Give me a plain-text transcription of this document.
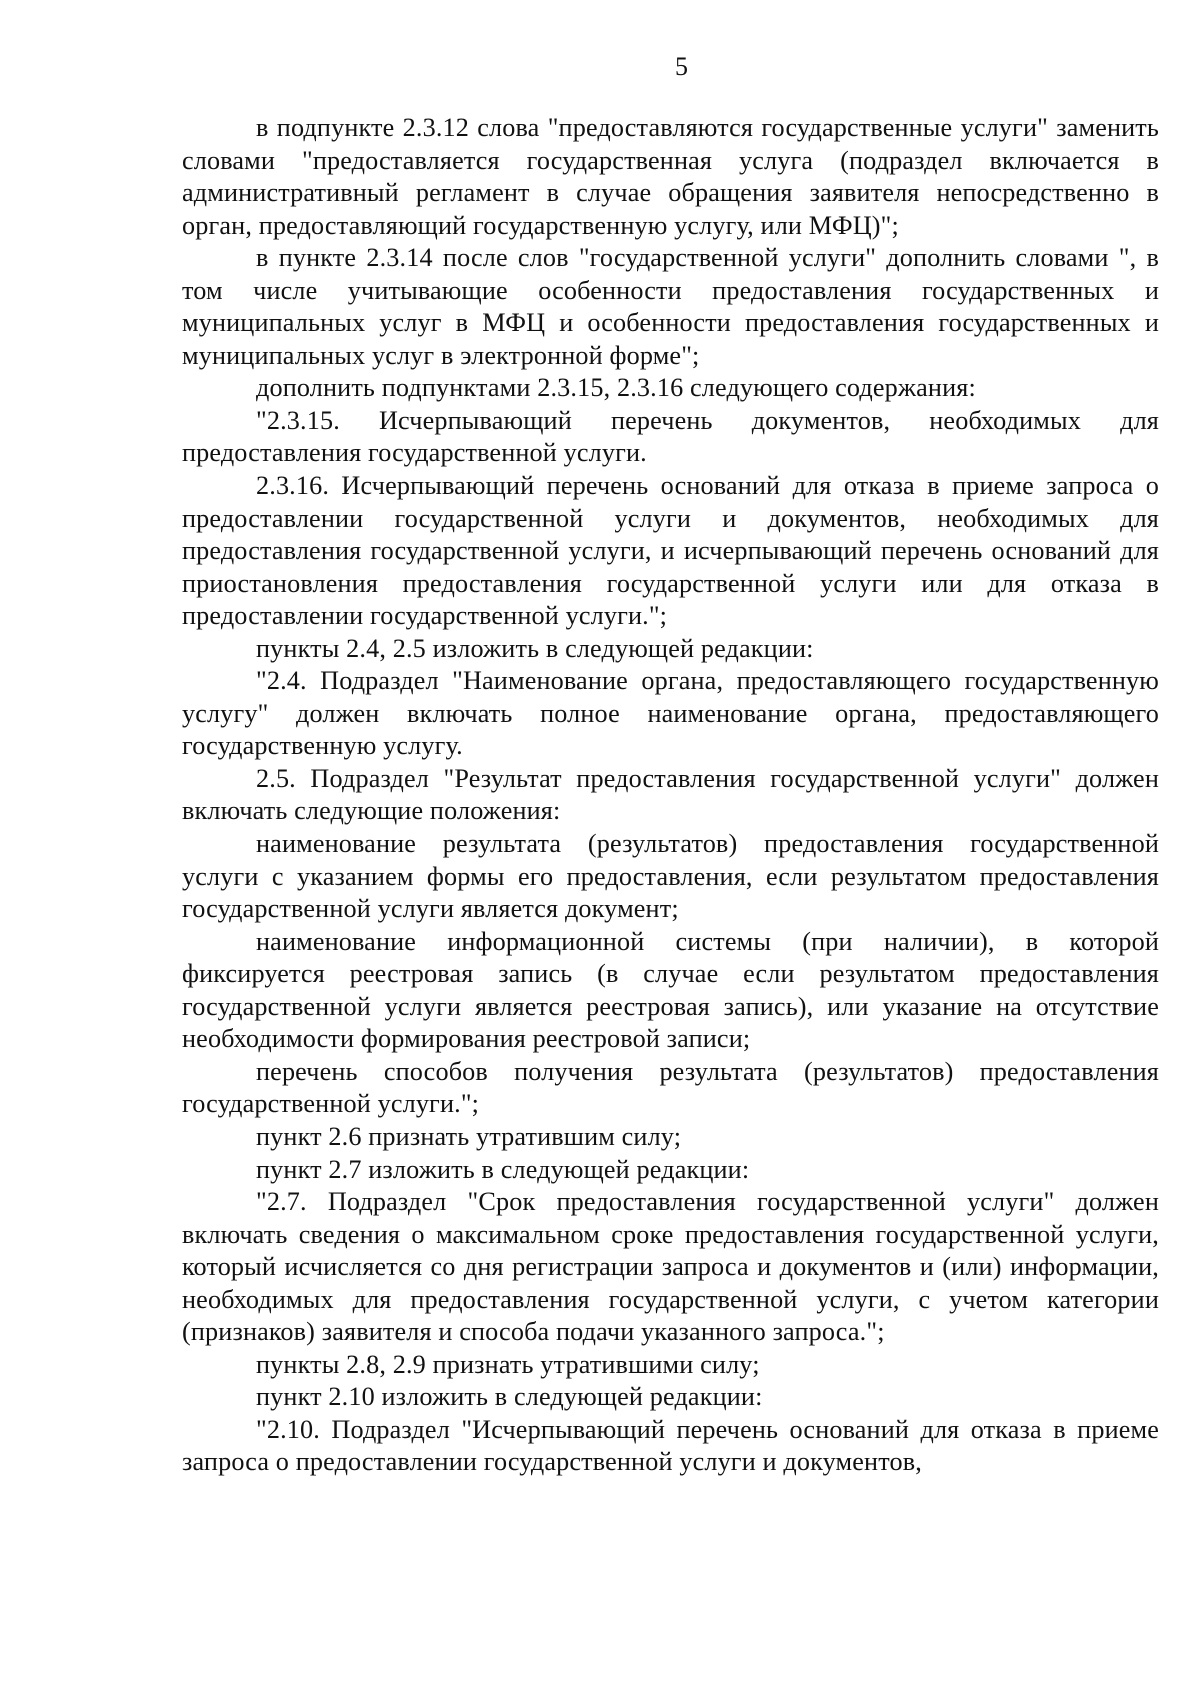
5

в подпункте 2.3.12 слова "предоставляются государственные услуги" заменить словами "предоставляется государственная услуга (подраздел включается в административный регламент в случае обращения заявителя непосредственно в орган, предоставляющий государственную услугу, или МФЦ)";

в пункте 2.3.14 после слов "государственной услуги" дополнить словами ", в том числе учитывающие особенности предоставления государственных и муниципальных услуг в МФЦ и особенности предоставления государственных и муниципальных услуг в электронной форме";

дополнить подпунктами 2.3.15, 2.3.16 следующего содержания:

"2.3.15. Исчерпывающий перечень документов, необходимых для предоставления государственной услуги.

2.3.16. Исчерпывающий перечень оснований для отказа в приеме запроса о предоставлении государственной услуги и документов, необходимых для предоставления государственной услуги, и исчерпывающий перечень оснований для приостановления предоставления государственной услуги или для отказа в предоставлении государственной услуги.";

пункты 2.4, 2.5 изложить в следующей редакции:

"2.4. Подраздел "Наименование органа, предоставляющего государственную услугу" должен включать полное наименование органа, предоставляющего государственную услугу.

2.5. Подраздел "Результат предоставления государственной услуги" должен включать следующие положения:

наименование результата (результатов) предоставления государственной услуги с указанием формы его предоставления, если результатом предоставления государственной услуги является документ;

наименование информационной системы (при наличии), в которой фиксируется реестровая запись (в случае если результатом предоставления государственной услуги является реестровая запись), или указание на отсутствие необходимости формирования реестровой записи;

перечень способов получения результата (результатов) предоставления государственной услуги.";

пункт 2.6 признать утратившим силу;

пункт 2.7 изложить в следующей редакции:

"2.7. Подраздел "Срок предоставления государственной услуги" должен включать сведения о максимальном сроке предоставления государственной услуги, который исчисляется со дня регистрации запроса и документов и (или) информации, необходимых для предоставления государственной услуги, с учетом категории (признаков) заявителя и способа подачи указанного запроса.";

пункты 2.8, 2.9 признать утратившими силу;

пункт 2.10 изложить в следующей редакции:

"2.10. Подраздел "Исчерпывающий перечень оснований для отказа в приеме запроса о предоставлении государственной услуги и документов,
